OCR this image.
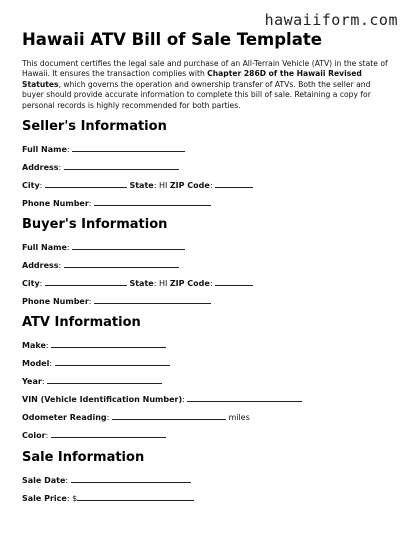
hawaiiform.com
Hawaii ATV Bill of Sale Template
This document certifies the legal sale and purchase of an All-Terrain Vehicle (ATV) in the state of Hawaii. It ensures the transaction complies with Chapter 286D of the Hawaii Revised Statutes, which governs the operation and ownership transfer of ATVs. Both the seller and buyer should provide accurate information to complete this bill of sale. Retaining a copy for personal records is highly recommended for both parties.
Seller's Information
Full Name:
Address:
City:	State: HI ZIP Code:
Phone Number:
Buyer's Information
Full Name:
Address:
City:	State: HI ZIP Code:
Phone Number:
ATV Information
Make:
Model:
Year:
VIN (Vehicle Identification Number):
Odometer Reading:	miles
Color:
Sale Information
Sale Date:
Sale Price: $
